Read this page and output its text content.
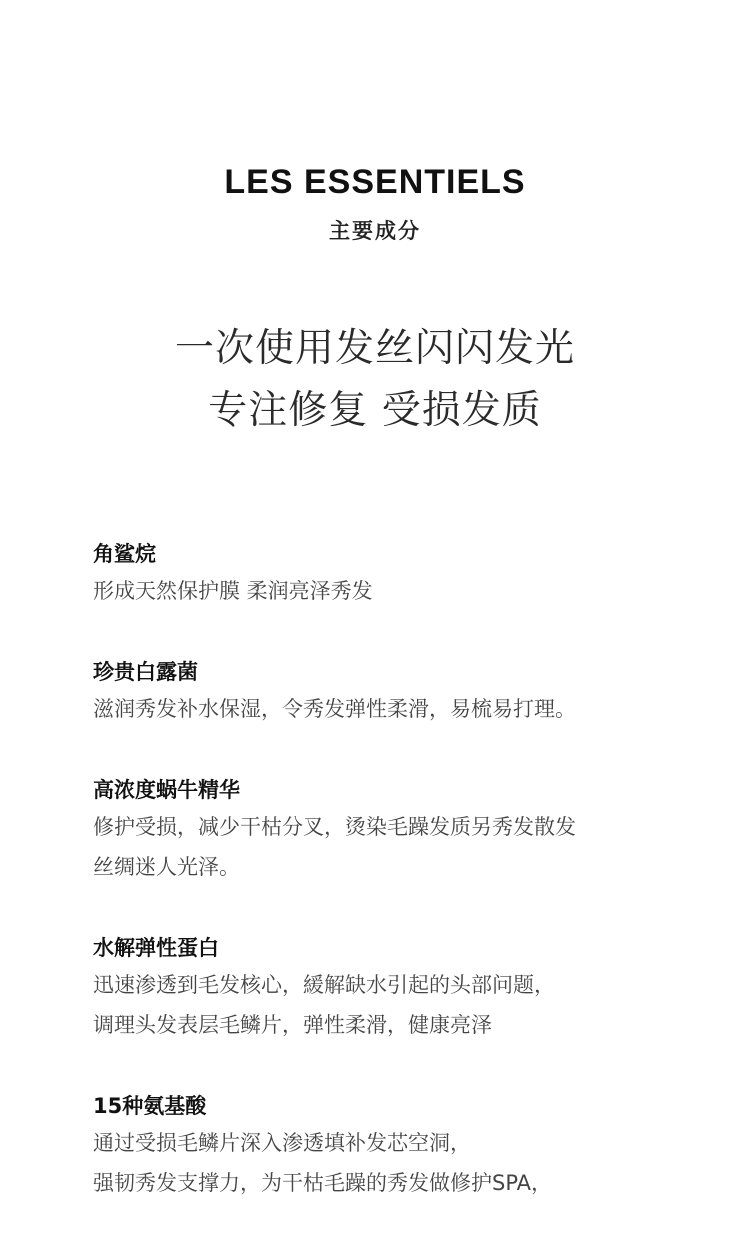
LES ESSENTIELS
主要成分
一次使用发丝闪闪发光
专注修复 受损发质
角鲨烷
形成天然保护膜 柔润亮泽秀发
珍贵白露菌
滋润秀发补水保湿，令秀发弹性柔滑，易梳易打理。
高浓度蜗牛精华
修护受损，减少干枯分叉，烫染毛躁发质另秀发散发
丝绸迷人光泽。
水解弹性蛋白
迅速渗透到毛发核心，緩解缺水引起的头部问题，
调理头发表层毛鳞片，弹性柔滑，健康亮泽
15种氨基酸
通过受损毛鳞片深入渗透填补发芯空洞，
强韧秀发支撑力，为干枯毛躁的秀发做修护SPA，
